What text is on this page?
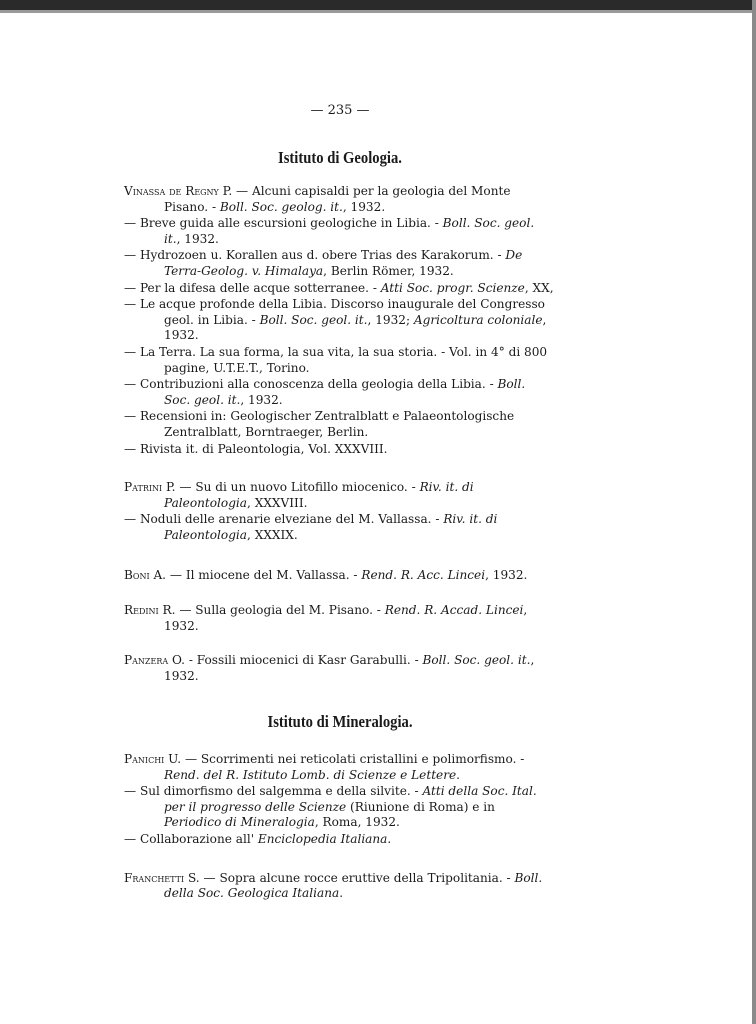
— 235 —
Istituto di Geologia.
Vinassa de Regny P. — Alcuni capisaldi per la geologia del Monte Pisano. - Boll. Soc. geolog. it., 1932.
— Breve guida alle escursioni geologiche in Libia. - Boll. Soc. geol. it., 1932.
— Hydrozoen u. Korallen aus d. obere Trias des Karakorum. - De Terra-Geolog. v. Himalaya, Berlin Römer, 1932.
— Per la difesa delle acque sotterranee. - Atti Soc. progr. Scienze, XX,
— Le acque profonde della Libia. Discorso inaugurale del Congresso geol. in Libia. - Boll. Soc. geol. it., 1932; Agricoltura coloniale, 1932.
— La Terra. La sua forma, la sua vita, la sua storia. - Vol. in 4° di 800 pagine, U.T.E.T., Torino.
— Contribuzioni alla conoscenza della geologia della Libia. - Boll. Soc. geol. it., 1932.
— Recensioni in: Geologischer Zentralblatt e Palaeontologische Zentralblatt, Borntraeger, Berlin.
— Rivista it. di Paleontologia, Vol. XXXVIII.
Patrini P. — Su di un nuovo Litofillo miocenico. - Riv. it. di Paleontologia, XXXVIII.
— Noduli delle arenarie elveziane del M. Vallassa. - Riv. it. di Paleontologia, XXXIX.
Boni A. — Il miocene del M. Vallassa. - Rend. R. Acc. Lincei, 1932.
Redini R. — Sulla geologia del M. Pisano. - Rend. R. Accad. Lincei, 1932.
Panzera O. - Fossili miocenici di Kasr Garabulli. - Boll. Soc. geol. it., 1932.
Istituto di Mineralogia.
Panichi U. — Scorrimenti nei reticolati cristallini e polimorfismo. - Rend. del R. Istituto Lomb. di Scienze e Lettere.
— Sul dimorfismo del salgemma e della silvite. - Atti della Soc. Ital. per il progresso delle Scienze (Riunione di Roma) e in Periodico di Mineralogia, Roma, 1932.
— Collaborazione all' Enciclopedia Italiana.
Franchetti S. — Sopra alcune rocce eruttive della Tripolitania. - Boll. della Soc. Geologica Italiana.
